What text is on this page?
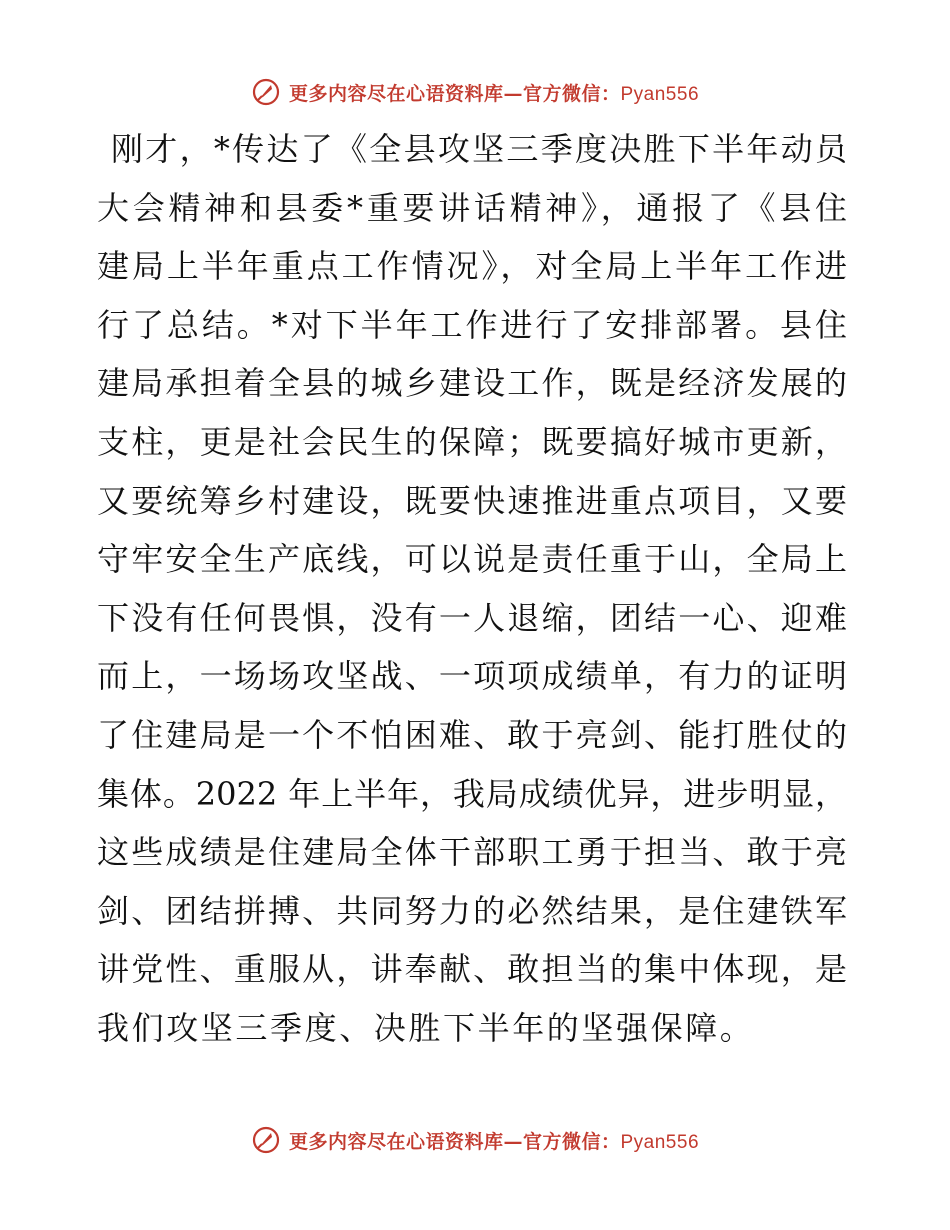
更多内容尽在心语资料库—官方微信：Pyan556
刚才，*传达了《全县攻坚三季度决胜下半年动员
大会精神和县委*重要讲话精神》，通报了《县住
建局上半年重点工作情况》，对全局上半年工作进
行了总结。*对下半年工作进行了安排部署。县住
建局承担着全县的城乡建设工作，既是经济发展的
支柱，更是社会民生的保障；既要搞好城市更新，
又要统筹乡村建设，既要快速推进重点项目，又要
守牢安全生产底线，可以说是责任重于山，全局上
下没有任何畏惧，没有一人退缩，团结一心、迎难
而上，一场场攻坚战、一项项成绩单，有力的证明
了住建局是一个不怕困难、敢于亮剑、能打胜仗的
集体。2022 年上半年，我局成绩优异，进步明显，
这些成绩是住建局全体干部职工勇于担当、敢于亮
剑、团结拼搏、共同努力的必然结果，是住建铁军
讲党性、重服从，讲奉献、敢担当的集中体现，是
我们攻坚三季度、决胜下半年的坚强保障。
更多内容尽在心语资料库—官方微信：Pyan556
